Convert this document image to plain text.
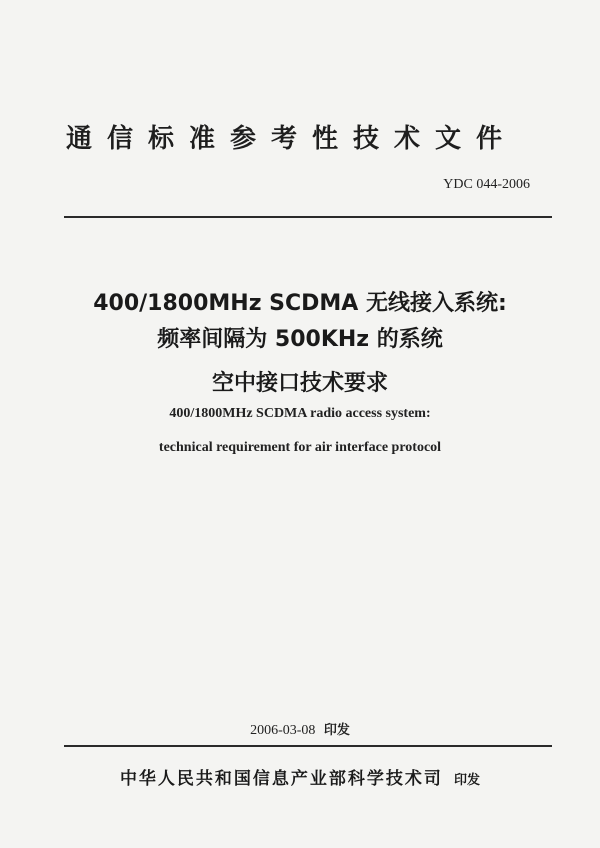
通信标准参考性技术文件
YDC 044-2006
400/1800MHz SCDMA 无线接入系统:
频率间隔为 500KHz 的系统
空中接口技术要求
400/1800MHz SCDMA radio access system:
technical requirement for air interface protocol
2006-03-08 印发
中华人民共和国信息产业部科学技术司 印发
